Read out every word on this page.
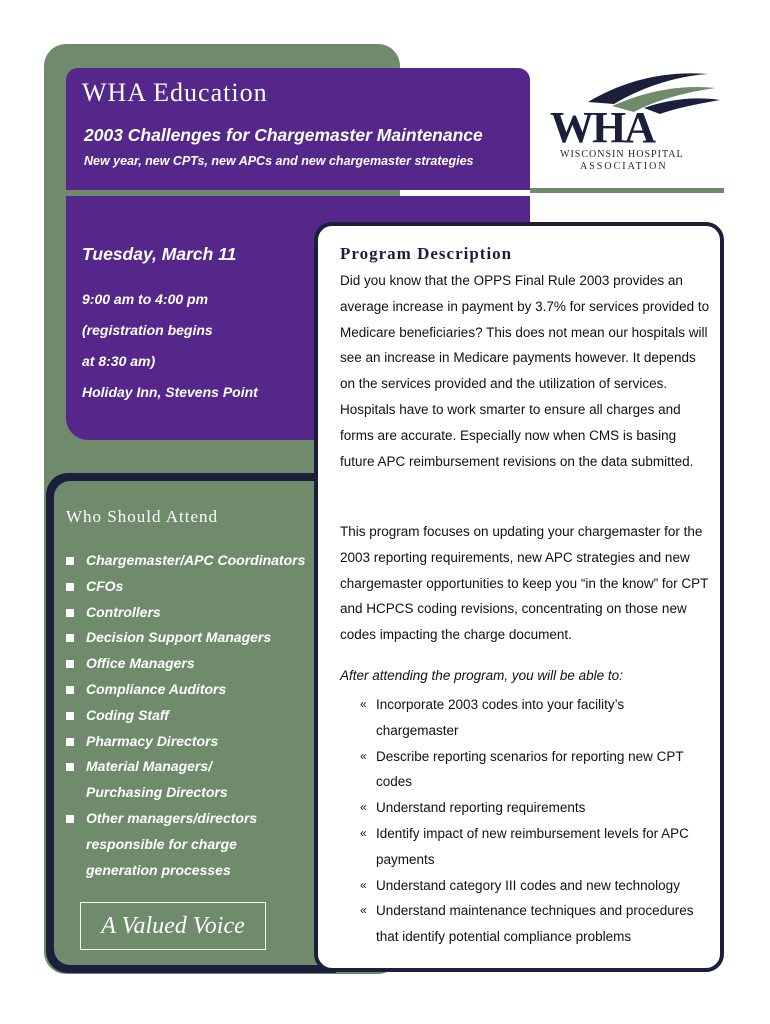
WHA Education
2003 Challenges for Chargemaster Maintenance
New year, new CPTs, new APCs and new chargemaster strategies
WHA
WISCONSIN HOSPITAL
ASSOCIATION
Tuesday, March 11
9:00 am to 4:00 pm
(registration begins
at 8:30 am)
Holiday Inn, Stevens Point
Who Should Attend
Chargemaster/APC Coordinators
CFOs
Controllers
Decision Support Managers
Office Managers
Compliance Auditors
Coding Staff
Pharmacy Directors
Material Managers/
Purchasing Directors
Other managers/directors
responsible for charge
generation processes
A Valued Voice
Program Description

Did you know that the OPPS Final Rule 2003 provides an average increase in payment by 3.7% for services provided to Medicare beneficiaries? This does not mean our hospitals will see an increase in Medicare payments however. It depends on the services provided and the utilization of services. Hospitals have to work smarter to ensure all charges and forms are accurate. Especially now when CMS is basing future APC reimbursement revisions on the data submitted.

This program focuses on updating your chargemaster for the 2003 reporting requirements, new APC strategies and new chargemaster opportunities to keep you “in the know” for CPT and HCPCS coding revisions, concentrating on those new codes impacting the charge document.

After attending the program, you will be able to:
« Incorporate 2003 codes into your facility’s chargemaster
« Describe reporting scenarios for reporting new CPT codes
« Understand reporting requirements
« Identify impact of new reimbursement levels for APC payments
« Understand category III codes and new technology
« Understand maintenance techniques and procedures that identify potential compliance problems
